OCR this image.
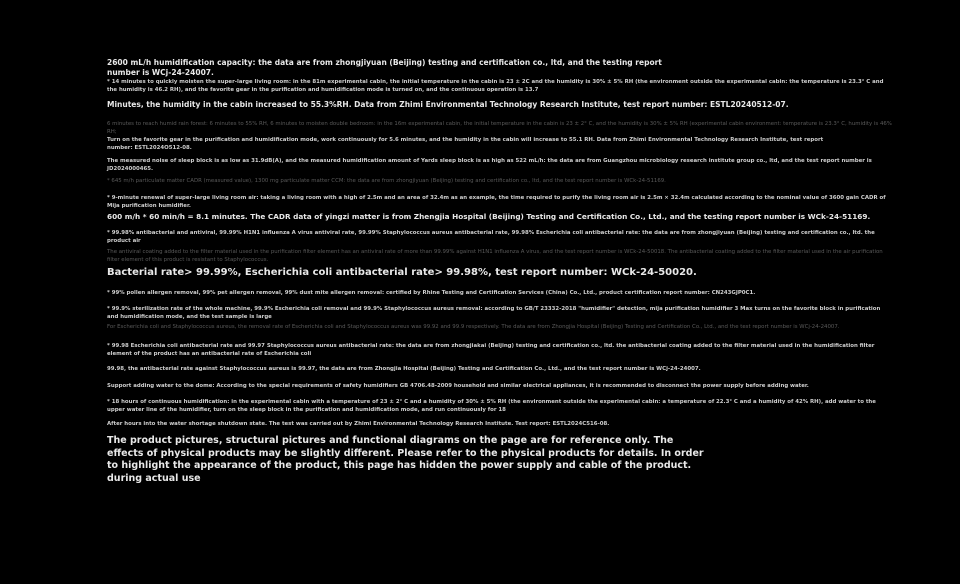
2600 mL/h humidification capacity: the data are from zhongjiyuan (Beijing) testing and certification co., ltd, and the testing report number is WCj-24-24007.

* 14 minutes to quickly moisten the super-large living room: in the 81m experimental cabin, the initial temperature in the cabin is 23 ± 2C and the humidity is 30% ± 5% RH (the environment outside the experimental cabin: the temperature is 23.3° C and the humidity is 46.2 RH), and the favorite gear in the purification and humidification mode is turned on, and the continuous operation is 13.7

Minutes, the humidity in the cabin increased to 55.3%RH. Data from Zhimi Environmental Technology Research Institute, test report number: ESTL20240512-07.

6 minutes to reach humid rain forest: 6 minutes to 55% RH, 6 minutes to moisten double bedroom: in the 16m experimental cabin, the initial temperature in the cabin is 23 ± 2° C, and the humidity is 30% ± 5% RH (experimental cabin environment: temperature is 23.3° C, humidity is 46% RH;

Turn on the favorite gear in the purification and humidification mode, work continuously for 5.6 minutes, and the humidity in the cabin will increase to 55.1 RH. Data from Zhimi Environmental Technology Research Institute, test report number: ESTL2024O512-08.

The measured noise of sleep block is as low as 31.9dB(A), and the measured humidification amount of Yards sleep block is as high as 522 mL/h: the data are from Guangzhou microbiology research institute group co., ltd, and the test report number is JD2024000465.

* 645 m/h particulate matter CADR (measured value), 1300 mg particulate matter CCM: the data are from zhongjiyuan (Beijing) testing and certification co., ltd, and the test report number is WCk-24-51169.

* 9-minute renewal of super-large living room air: taking a living room with a high of 2.5m and an area of 32.4m as an example, the time required to purify the living room air is 2.5m × 32.4m calculated according to the nominal value of 3600 gain CADR of Mija purification humidifier.

600 m/h * 60 min/h = 8.1 minutes. The CADR data of yingzi matter is from Zhengjia Hospital (Beijing) Testing and Certification Co., Ltd., and the testing report number is WCk-24-51169.

* 99.98% antibacterial and antiviral, 99.99% H1N1 influenza A virus antiviral rate, 99.99% Staphylococcus aureus antibacterial rate, 99.98% Escherichia coli antibacterial rate: the data are from zhongjiyuan (Beijing) testing and certification co., ltd. the product air

The antiviral coating added to the filter material used in the purification filter element has an antiviral rate of more than 99.99% against H1N1 influenza A virus, and the test report number is WCk-24-50018. The antibacterial coating added to the filter material used in the air purification filter element of this product is resistant to Staphylococcus.

Bacterial rate> 99.99%, Escherichia coli antibacterial rate> 99.98%, test report number: WCk-24-50020.

* 99% pollen allergen removal, 99% pet allergen removal, 99% dust mite allergen removal: certified by Rhine Testing and Certification Services (China) Co., Ltd., product certification report number: CN243GJP0C1.

* 99.9% sterilization rate of the whole machine, 99.9% Escherichia coli removal and 99.9% Staphylococcus aureus removal: according to GB/T 23332-2018 "humidifier" detection, mija purification humidifier 3 Max turns on the favorite block in purification and humidification mode, and the test sample is large

For Escherichia coli and Staphylococcus aureus, the removal rate of Escherichia coli and Staphylococcus aureus was 99.92 and 99.9 respectively. The data are from Zhongjia Hospital (Beijing) Testing and Certification Co., Ltd., and the test report number is WCj-24-24007.

* 99.98 Escherichia coli antibacterial rate and 99.97 Staphylococcus aureus antibacterial rate: the data are from zhongjiakai (Beijing) testing and certification co., ltd. the antibacterial coating added to the filter material used in the humidification filter element of the product has an antibacterial rate of Escherichia coli

99.98, the antibacterial rate against Staphylococcus aureus is 99.97, the data are from Zhongjia Hospital (Beijing) Testing and Certification Co., Ltd., and the test report number is WCj-24-24007.

Support adding water to the dome: According to the special requirements of safety humidifiers GB 4706.48-2009 household and similar electrical appliances, it is recommended to disconnect the power supply before adding water.

* 18 hours of continuous humidification: in the experimental cabin with a temperature of 23 ± 2° C and a humidity of 30% ± 5% RH (the environment outside the experimental cabin: a temperature of 22.3° C and a humidity of 42% RH), add water to the upper water line of the humidifier, turn on the sleep block in the purification and humidification mode, and run continuously for 18

After hours into the water shortage shutdown state. The test was carried out by Zhimi Environmental Technology Research Institute. Test report: ESTL2024C516-08.

The product pictures, structural pictures and functional diagrams on the page are for reference only. The effects of physical products may be slightly different. Please refer to the physical products for details. In order to highlight the appearance of the product, this page has hidden the power supply and cable of the product. during actual use
